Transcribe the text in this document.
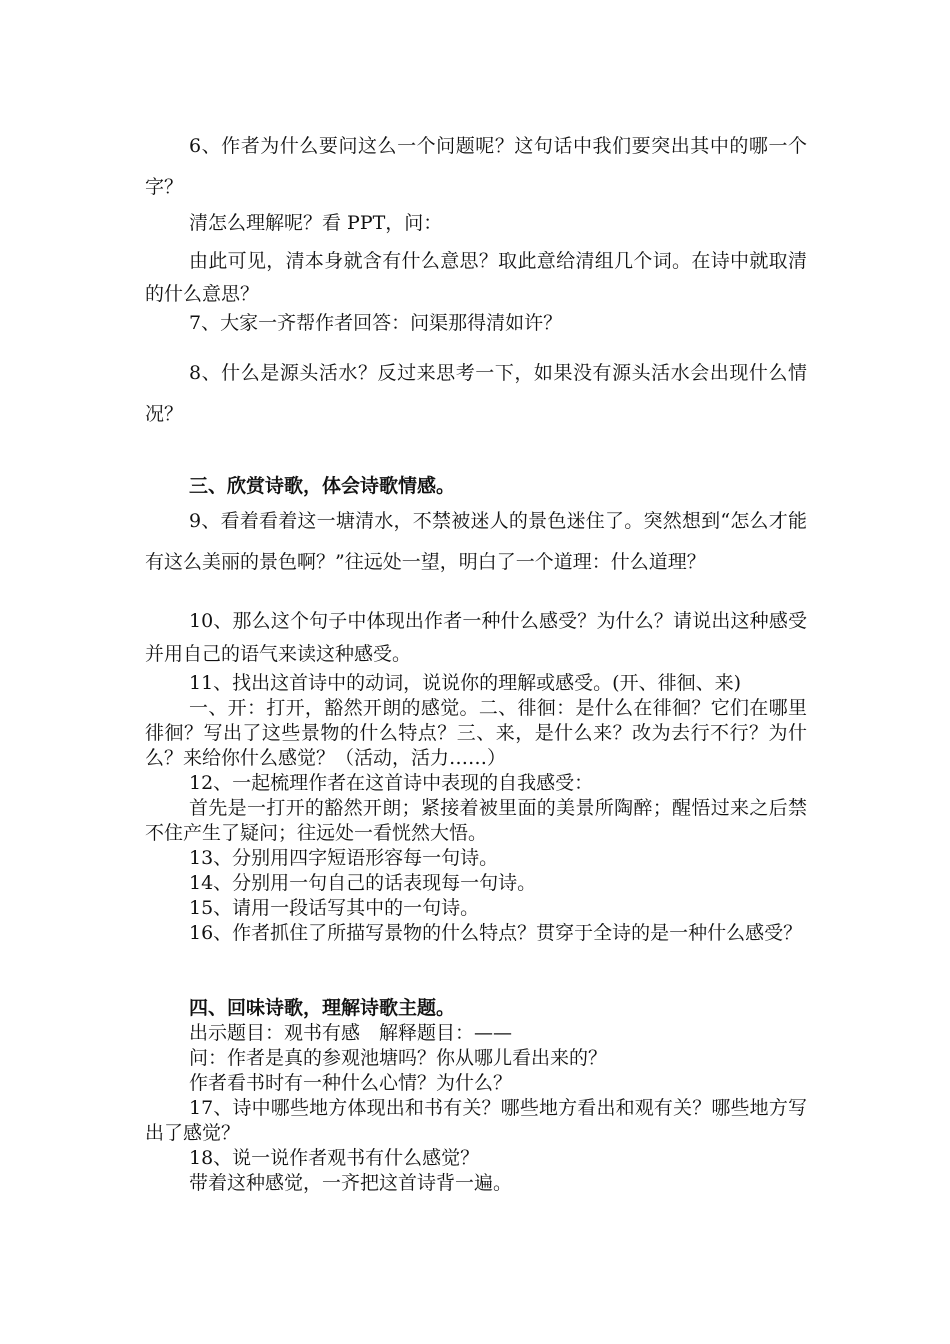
6、作者为什么要问这么一个问题呢？这句话中我们要突出其中的哪一个字？

清怎么理解呢？看 PPT，问：

由此可见，清本身就含有什么意思？取此意给清组几个词。在诗中就取清的什么意思？

7、大家一齐帮作者回答：问渠那得清如许？

8、什么是源头活水？反过来思考一下，如果没有源头活水会出现什么情况？

三、欣赏诗歌，体会诗歌情感。

9、看着看着这一塘清水，不禁被迷人的景色迷住了。突然想到“怎么才能有这么美丽的景色啊？”往远处一望，明白了一个道理：什么道理？

10、那么这个句子中体现出作者一种什么感受？为什么？请说出这种感受并用自己的语气来读这种感受。

11、找出这首诗中的动词，说说你的理解或感受。(开、徘徊、来)

一、开：打开，豁然开朗的感觉。二、徘徊：是什么在徘徊？它们在哪里徘徊？写出了这些景物的什么特点？三、来，是什么来？改为去行不行？为什么？来给你什么感觉？（活动，活力……）

12、一起梳理作者在这首诗中表现的自我感受：

首先是一打开的豁然开朗；紧接着被里面的美景所陶醉；醒悟过来之后禁不住产生了疑问；往远处一看恍然大悟。

13、分别用四字短语形容每一句诗。

14、分别用一句自己的话表现每一句诗。

15、请用一段话写其中的一句诗。

16、作者抓住了所描写景物的什么特点？贯穿于全诗的是一种什么感受？

四、回味诗歌，理解诗歌主题。

出示题目：观书有感　解释题目：——

问：作者是真的参观池塘吗？你从哪儿看出来的？

作者看书时有一种什么心情？为什么？

17、诗中哪些地方体现出和书有关？哪些地方看出和观有关？哪些地方写出了感觉？

18、说一说作者观书有什么感觉？

带着这种感觉，一齐把这首诗背一遍。
